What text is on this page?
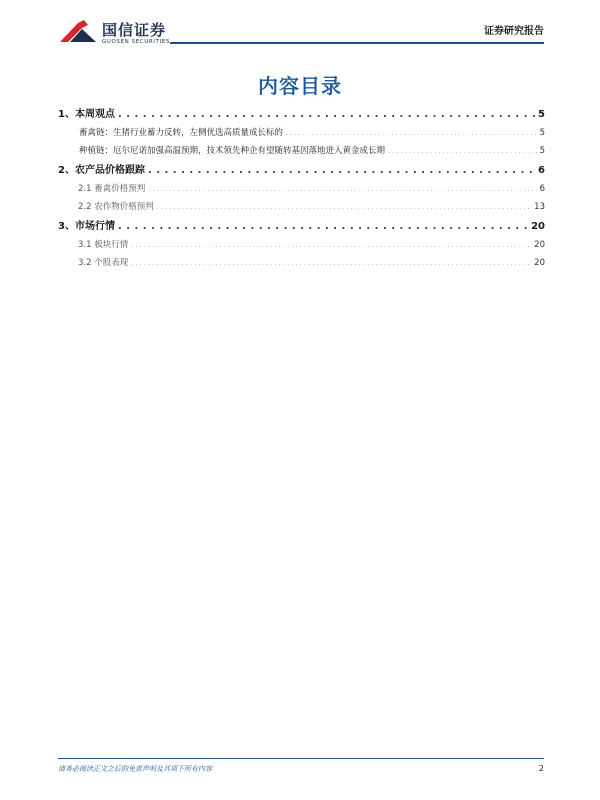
国信证券
GUOSEN SECURITIES
证券研究报告
内容目录
1、本周观点 . . .	5
畜禽链：生猪行业蓄力反转，左侧优选高质量成长标的 . . .	5
种植链：厄尔尼诺加强高温预期，技术领先种企有望随转基因落地进入黄金成长期 . . .	5
2、农产品价格跟踪 . . .	6
2.1 畜禽价格预判 . . .	6
2.2 农作物价格预判 . . .	13
3、市场行情 . . .	20
3.1 板块行情 . . .	20
3.2 个股表现 . . .	20
请务必阅读正文之后的免责声明及其项下所有内容	2
